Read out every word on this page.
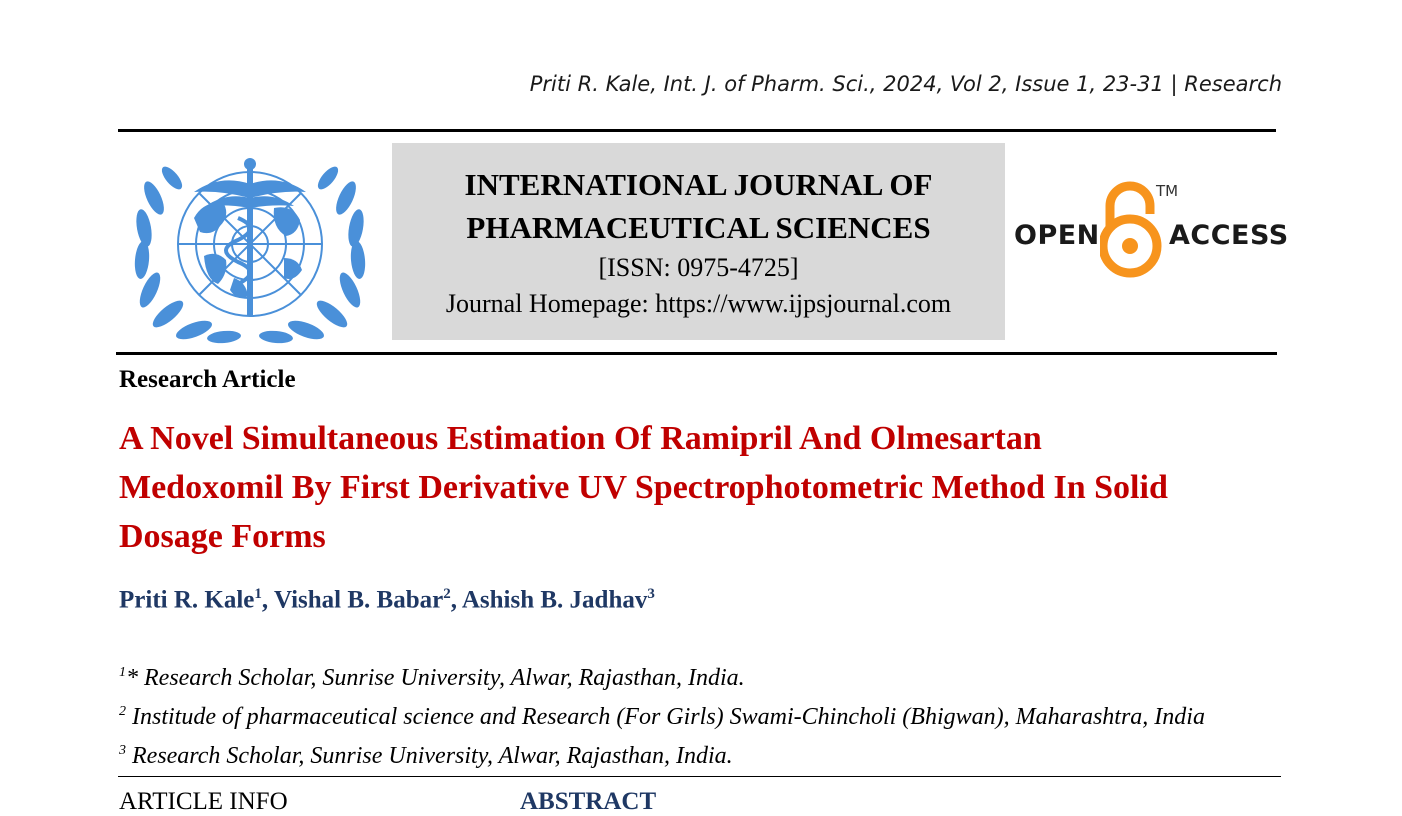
Priti R. Kale, Int. J. of Pharm. Sci., 2024, Vol 2, Issue 1, 23-31 | Research
INTERNATIONAL JOURNAL OF
PHARMACEUTICAL SCIENCES
[ISSN: 0975-4725]
Journal Homepage: https://www.ijpsjournal.com
OPEN
TM
ACCESS
Research Article
A Novel Simultaneous Estimation Of Ramipril And Olmesartan
Medoxomil By First Derivative UV Spectrophotometric Method In Solid
Dosage Forms
Priti R. Kale$^1$, Vishal B. Babar$^2$, Ashish B. Jadhav$^3$
$^1$* Research Scholar, Sunrise University, Alwar, Rajasthan, India.
$^2$ Institude of pharmaceutical science and Research (For Girls) Swami-Chincholi (Bhigwan), Maharashtra, India
$^3$ Research Scholar, Sunrise University, Alwar, Rajasthan, India.
ARTICLE INFO	ABSTRACT
